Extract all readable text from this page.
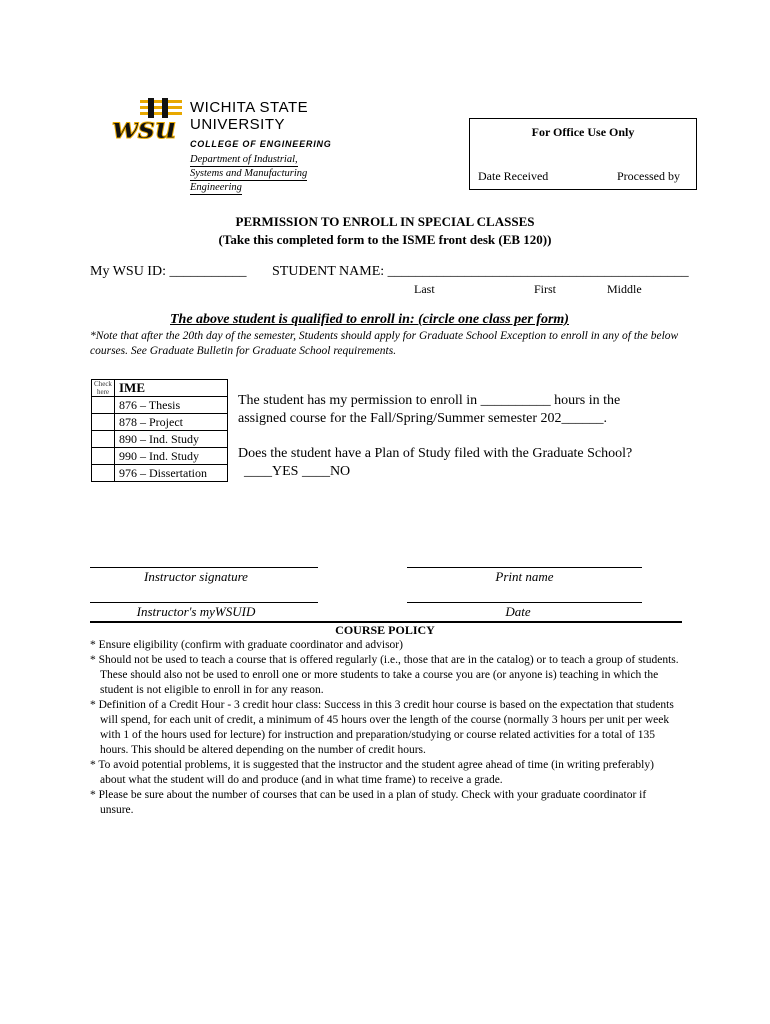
wsu
WICHITA STATE
UNIVERSITY
COLLEGE OF ENGINEERING
Department of Industrial,
Systems and Manufacturing
Engineering
For Office Use Only
Date Received	Processed by
PERMISSION TO ENROLL IN SPECIAL CLASSES
(Take this completed form to the ISME front desk (EB 120))
My WSU ID: ___________ STUDENT NAME: ___________________________________________
Last	First	Middle
The above student is qualified to enroll in: (circle one class per form)
*Note that after the 20th day of the semester, Students should apply for Graduate School Exception to enroll in any of the below courses. See Graduate Bulletin for Graduate School requirements.
Check here	IME
	876 – Thesis
	878 – Project
	890 – Ind. Study
	990 – Ind. Study
	976 – Dissertation
The student has my permission to enroll in __________ hours in the
assigned course for the Fall/Spring/Summer semester 202______.
Does the student have a Plan of Study filed with the Graduate School?
____YES ____NO
Instructor signature	Print name
Instructor's myWSUID	Date
COURSE POLICY
* Ensure eligibility (confirm with graduate coordinator and advisor)
* Should not be used to teach a course that is offered regularly (i.e., those that are in the catalog) or to teach a group of students. These should also not be used to enroll one or more students to take a course you are (or anyone is) teaching in which the student is not eligible to enroll in for any reason.
* Definition of a Credit Hour - 3 credit hour class: Success in this 3 credit hour course is based on the expectation that students will spend, for each unit of credit, a minimum of 45 hours over the length of the course (normally 3 hours per unit per week with 1 of the hours used for lecture) for instruction and preparation/studying or course related activities for a total of 135 hours. This should be altered depending on the number of credit hours.
* To avoid potential problems, it is suggested that the instructor and the student agree ahead of time (in writing preferably) about what the student will do and produce (and in what time frame) to receive a grade.
* Please be sure about the number of courses that can be used in a plan of study. Check with your graduate coordinator if unsure.
